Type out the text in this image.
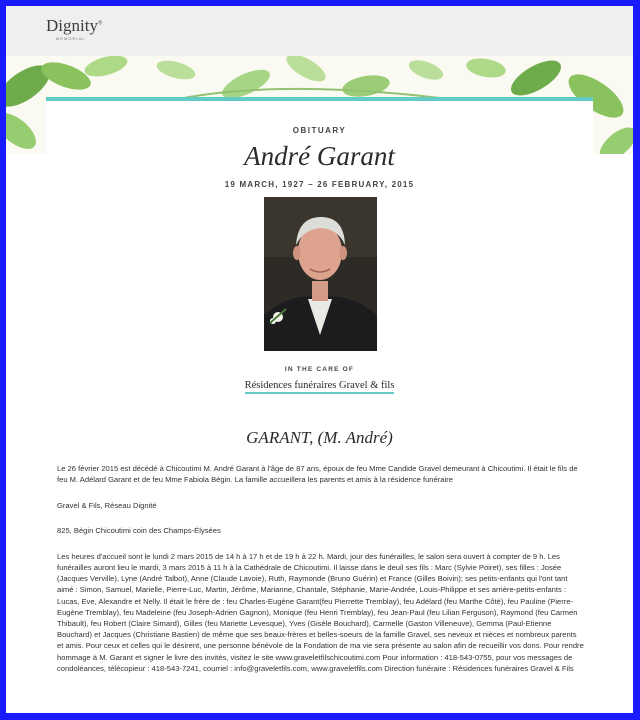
Dignity®
MEMORIAL
OBITUARY
André Garant
19 MARCH, 1927 – 26 FEBRUARY, 2015
IN THE CARE OF
Résidences funéraires Gravel & fils
GARANT, (M. André)

Le 26 février 2015 est décédé à Chicoutimi M. André Garant à l'âge de 87 ans, époux de feu Mme Candide Gravel demeurant à Chicoutimi. Il était le fils de feu M. Adélard Garant et de feu Mme Fabiola Bégin. La famille accueillera les parents et amis à la résidence funéraire

Gravel & Fils, Réseau Dignité

825, Bégin Chicoutimi coin des Champs-Élysées

Les heures d'accueil sont le lundi 2 mars 2015 de 14 h à 17 h et de 19 h à 22 h. Mardi, jour des funérailles, le salon sera ouvert à compter de 9 h. Les funérailles auront lieu le mardi, 3 mars 2015 à 11 h à la Cathédrale de Chicoutimi. Il laisse dans le deuil ses fils : Marc (Sylvie Poiret), ses filles : Josée (Jacques Verville), Lyne (André Talbot), Anne (Claude Lavoie), Ruth, Raymonde (Bruno Guérin) et France (Gilles Boivin); ses petits-enfants qui l'ont tant aimé : Simon, Samuel, Marielle, Pierre-Luc, Martin, Jérôme, Marianne, Chantale, Stéphanie, Marie-Andrée, Louis-Philippe et ses arrière-petits-enfants : Lucas, Eve, Alexandre et Nelly. Il était le frère de : feu Charles-Eugène Garant(feu Pierrette Tremblay), feu Adélard (feu Marthe Côté), feu Pauline (Pierre-Eugène Tremblay), feu Madeleine (feu Joseph-Adrien Gagnon), Monique (feu Henri Tremblay), feu Jean-Paul (feu Lilian Ferguson), Raymond (feu Carmen Thibault), feu Robert (Claire Simard), Gilles (feu Mariette Levesque), Yves (Gisèle Bouchard), Carmelle (Gaston Villeneuve), Gemma (Paul-Etienne Bouchard) et Jacques (Christiane Bastien) de même que ses beaux-frères et belles-soeurs de la famille Gravel, ses neveux et nièces et nombreux parents et amis. Pour ceux et celles qui le désirent, une personne bénévole de la Fondation de ma vie sera présente au salon afin de recueillir vos dons. Pour rendre hommage à M. Garant et signer le livre des invités, visitez le site www.graveletfilschicoutimi.com Pour information : 418-543-0755, pour vos messages de condoléances, télécopieur : 418-543-7241, courriel : info@graveletfils.com, www.graveletfils.com Direction funéraire : Résidences funéraires Gravel & Fils
